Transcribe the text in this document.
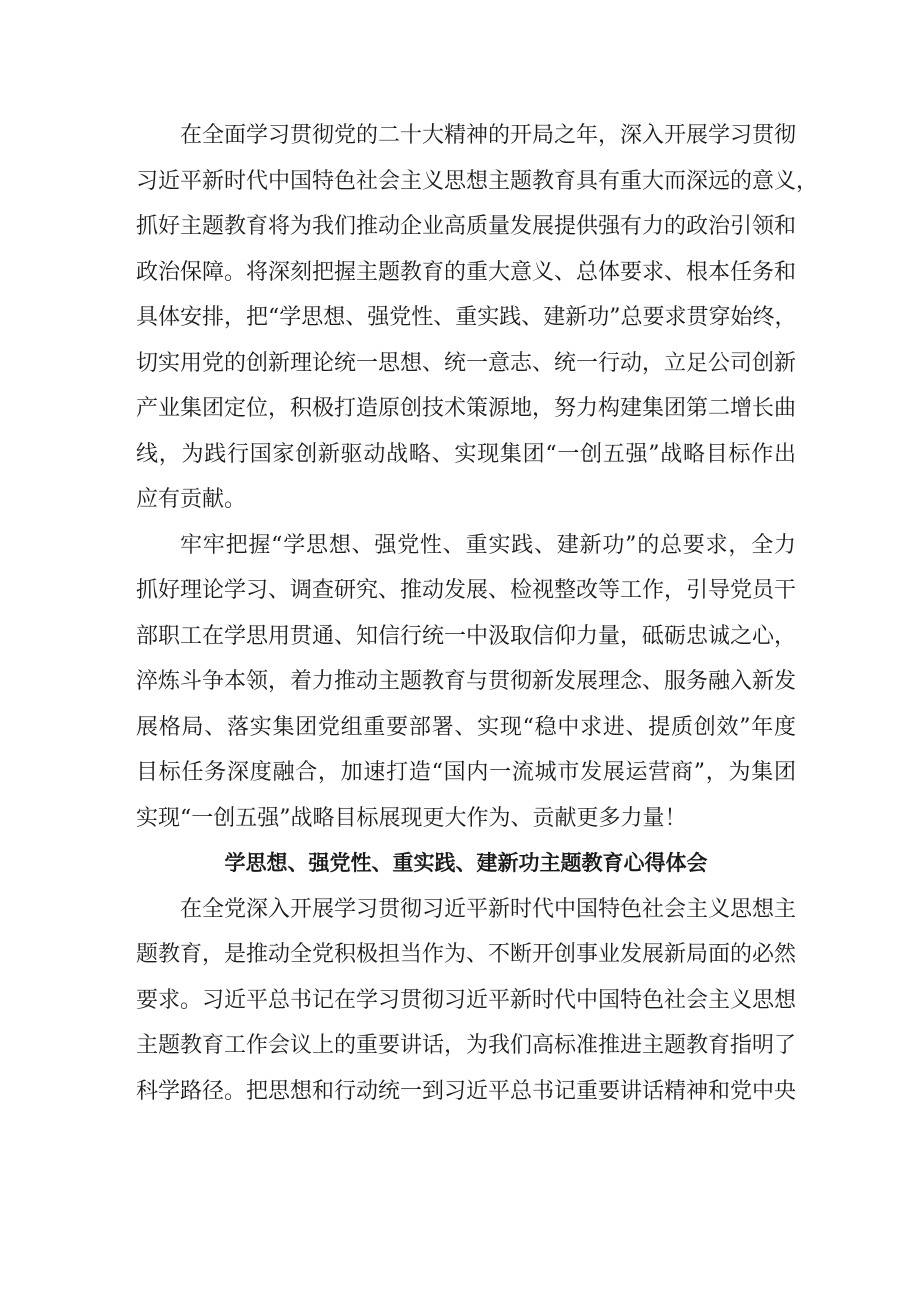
在全面学习贯彻党的二十大精神的开局之年，深入开展学习贯彻
习近平新时代中国特色社会主义思想主题教育具有重大而深远的意义，
抓好主题教育将为我们推动企业高质量发展提供强有力的政治引领和
政治保障。将深刻把握主题教育的重大意义、总体要求、根本任务和
具体安排，把“学思想、强党性、重实践、建新功”总要求贯穿始终，
切实用党的创新理论统一思想、统一意志、统一行动，立足公司创新
产业集团定位，积极打造原创技术策源地，努力构建集团第二增长曲
线，为践行国家创新驱动战略、实现集团“一创五强”战略目标作出
应有贡献。
牢牢把握“学思想、强党性、重实践、建新功”的总要求，全力
抓好理论学习、调查研究、推动发展、检视整改等工作，引导党员干
部职工在学思用贯通、知信行统一中汲取信仰力量，砥砺忠诚之心，
淬炼斗争本领，着力推动主题教育与贯彻新发展理念、服务融入新发
展格局、落实集团党组重要部署、实现“稳中求进、提质创效”年度
目标任务深度融合，加速打造“国内一流城市发展运营商”，为集团
实现“一创五强”战略目标展现更大作为、贡献更多力量！
学思想、强党性、重实践、建新功主题教育心得体会
在全党深入开展学习贯彻习近平新时代中国特色社会主义思想主
题教育，是推动全党积极担当作为、不断开创事业发展新局面的必然
要求。习近平总书记在学习贯彻习近平新时代中国特色社会主义思想
主题教育工作会议上的重要讲话，为我们高标准推进主题教育指明了
科学路径。把思想和行动统一到习近平总书记重要讲话精神和党中央
